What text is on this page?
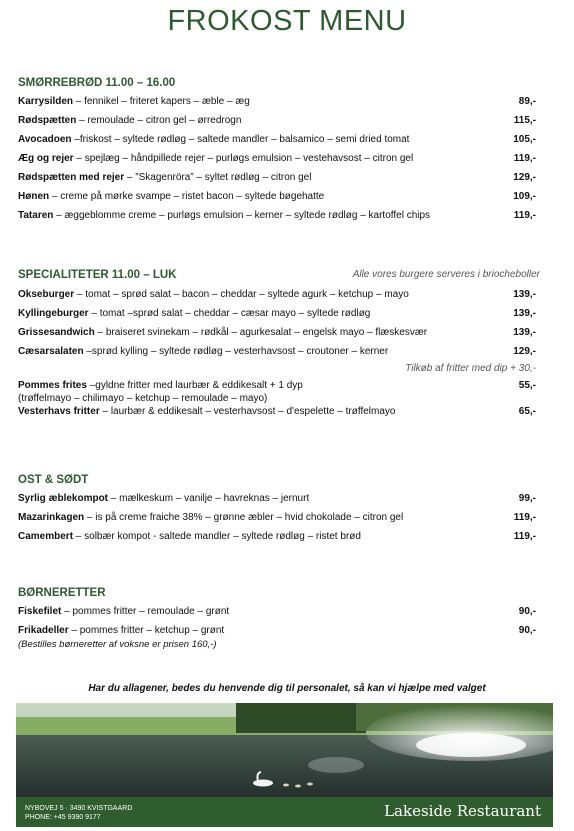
FROKOST MENU
SMØRREBRØD 11.00 – 16.00
Karrysilden – fennikel – friteret kapers – æble – æg	89,-
Rødspætten – remoulade – citron gel – ørredrogn	115,-
Avocadoen –friskost – syltede rødløg – saltede mandler – balsamico – semi dried tomat	105,-
Æg og rejer – spejlæg – håndpillede rejer – purløgs emulsion – vestehavsost – citron gel	119,-
Rødspætten med rejer – ”Skagenröra” – syltet rødløg – citron gel	129,-
Hønen – creme på mørke svampe – ristet bacon – syltede bøgehatte	109,-
Tataren – æggeblomme creme – purløgs emulsion – kerner – syltede rødløg – kartoffel chips	119,-
SPECIALITETER 11.00 – LUK	Alle vores burgere serveres i briocheboller
Okseburger – tomat – sprød salat – bacon – cheddar – syltede agurk – ketchup – mayo	139,-
Kyllingeburger – tomat –sprød salat – cheddar – cæsar mayo – syltede rødløg	139,-
Grissesandwich – braiseret svinekam – rødkål – agurkesalat – engelsk mayo – flæskesvær	139,-
Cæsarsalaten –sprød kylling – syltede rødløg – vesterhavsost – croutoner – kerner	129,-
Tilkøb af fritter med dip + 30,-
Pommes frites –gyldne fritter med laurbær & eddikesalt + 1 dyp	55,-
(trøffelmayo – chilimayo – ketchup – remoulade – mayo)
Vesterhavs fritter – laurbær & eddikesalt – vesterhavsost – d'espelette – trøffelmayo	65,-
OST & SØDT
Syrlig æblekompot – mælkeskum – vanilje – havreknas – jernurt	99,-
Mazarinkagen – is på creme fraiche 38% – grønne æbler – hvid chokolade – citron gel	119,-
Camembert – solbær kompot - saltede mandler – syltede rødløg – ristet brød	119,-
BØRNERETTER
Fiskefilet – pommes fritter – remoulade – grønt	90,-
Frikadeller – pommes fritter – ketchup – grønt	90,-
(Bestilles børneretter af voksne er prisen 160,-)
Har du allagener, bedes du henvende dig til personalet, så kan vi hjælpe med valget
NYBOVEJ 5 · 3490 KVISTGAARD
PHONE: +45 9390 9177	Lakeside Restaurant
